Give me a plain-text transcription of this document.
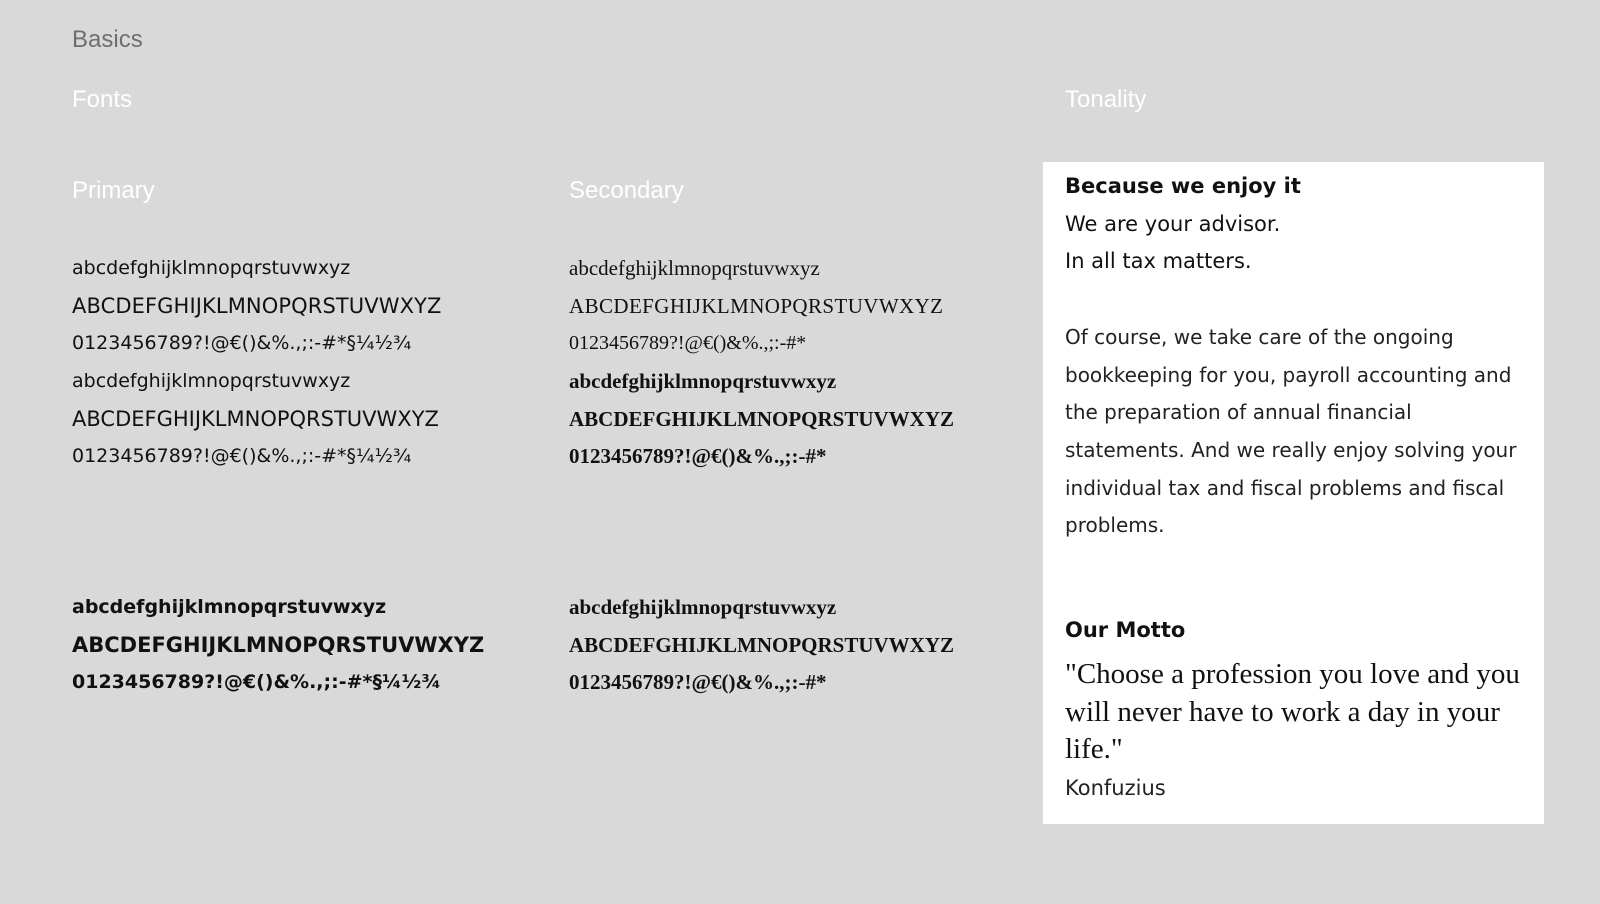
Basics
Fonts	Tonality
Primary	Secondary
abcdefghijklmnopqrstuvwxyz
ABCDEFGHIJKLMNOPQRSTUVWXYZ
0123456789?!@€()&%.,;:-#*§¼½¾
abcdefghijklmnopqrstuvwxyz
ABCDEFGHIJKLMNOPQRSTUVWXYZ
0123456789?!@€()&%.,;:-#*§¼½¾
abcdefghijklmnopqrstuvwxyz
ABCDEFGHIJKLMNOPQRSTUVWXYZ
0123456789?!@€()&%.,;:-#*§¼½¾
abcdefghijklmnopqrstuvwxyz
ABCDEFGHIJKLMNOPQRSTUVWXYZ
0123456789?!@€()&%.,;:-#*
abcdefghijklmnopqrstuvwxyz
ABCDEFGHIJKLMNOPQRSTUVWXYZ
0123456789?!@€()&%.,;:-#*
abcdefghijklmnopqrstuvwxyz
ABCDEFGHIJKLMNOPQRSTUVWXYZ
0123456789?!@€()&%.,;:-#*
Because we enjoy it
We are your advisor.
In all tax matters.
Of course, we take care of the ongoing bookkeeping for you, payroll accounting and the preparation of annual financial statements. And we really enjoy solving your individual tax and fiscal problems and fiscal problems.
Our Motto
"Choose a profession you love and you will never have to work a day in your life."
Konfuzius
